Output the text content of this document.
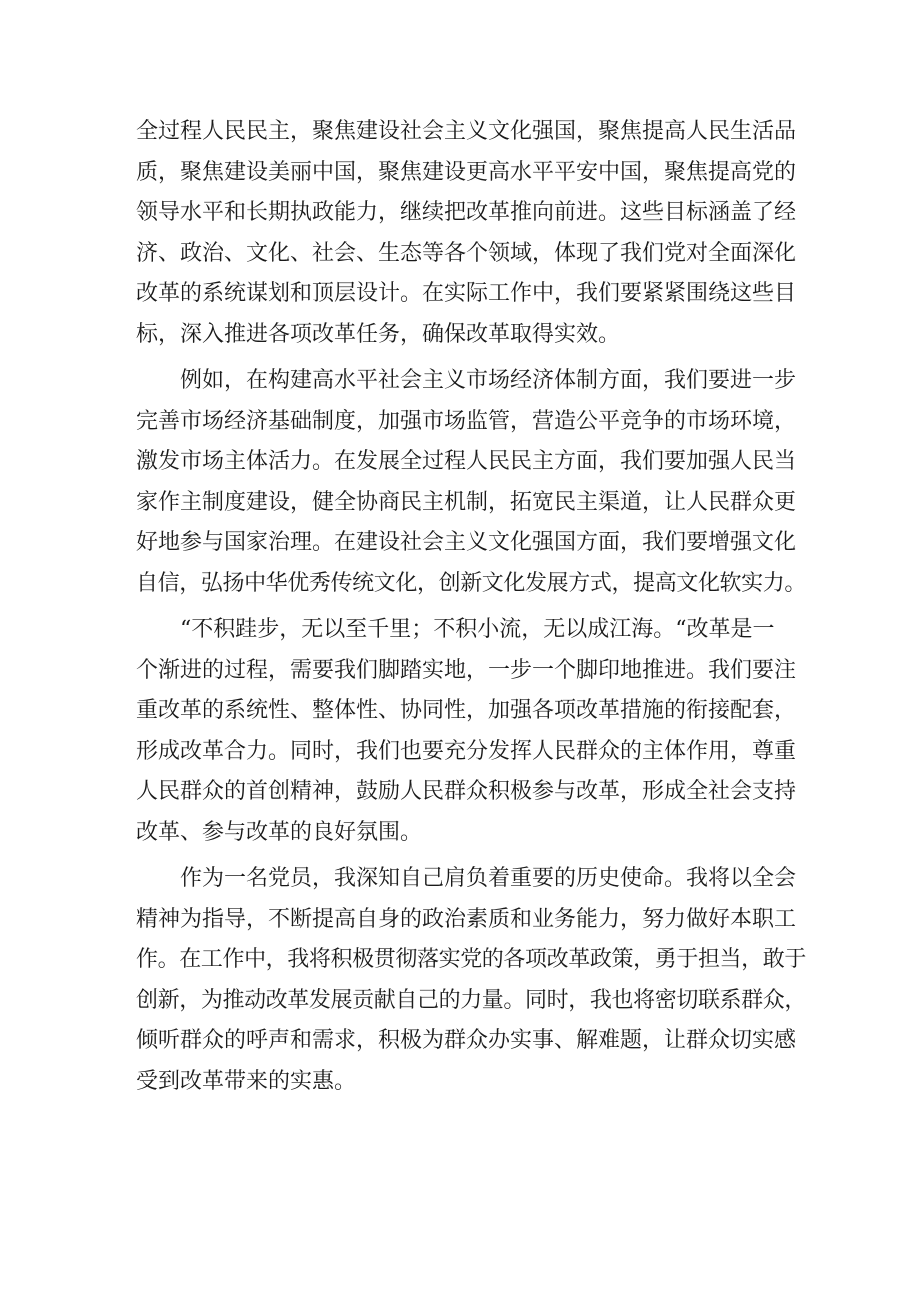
全过程人民民主，聚焦建设社会主义文化强国，聚焦提高人民生活品
质，聚焦建设美丽中国，聚焦建设更高水平平安中国，聚焦提高党的
领导水平和长期执政能力，继续把改革推向前进。这些目标涵盖了经
济、政治、文化、社会、生态等各个领域，体现了我们党对全面深化
改革的系统谋划和顶层设计。在实际工作中，我们要紧紧围绕这些目
标，深入推进各项改革任务，确保改革取得实效。
例如，在构建高水平社会主义市场经济体制方面，我们要进一步
完善市场经济基础制度，加强市场监管，营造公平竞争的市场环境，
激发市场主体活力。在发展全过程人民民主方面，我们要加强人民当
家作主制度建设，健全协商民主机制，拓宽民主渠道，让人民群众更
好地参与国家治理。在建设社会主义文化强国方面，我们要增强文化
自信，弘扬中华优秀传统文化，创新文化发展方式，提高文化软实力。
“不积跬步，无以至千里；不积小流，无以成江海。“改革是一
个渐进的过程，需要我们脚踏实地，一步一个脚印地推进。我们要注
重改革的系统性、整体性、协同性，加强各项改革措施的衔接配套，
形成改革合力。同时，我们也要充分发挥人民群众的主体作用，尊重
人民群众的首创精神，鼓励人民群众积极参与改革，形成全社会支持
改革、参与改革的良好氛围。
作为一名党员，我深知自己肩负着重要的历史使命。我将以全会
精神为指导，不断提高自身的政治素质和业务能力，努力做好本职工
作。在工作中，我将积极贯彻落实党的各项改革政策，勇于担当，敢于
创新，为推动改革发展贡献自己的力量。同时，我也将密切联系群众，
倾听群众的呼声和需求，积极为群众办实事、解难题，让群众切实感
受到改革带来的实惠。
